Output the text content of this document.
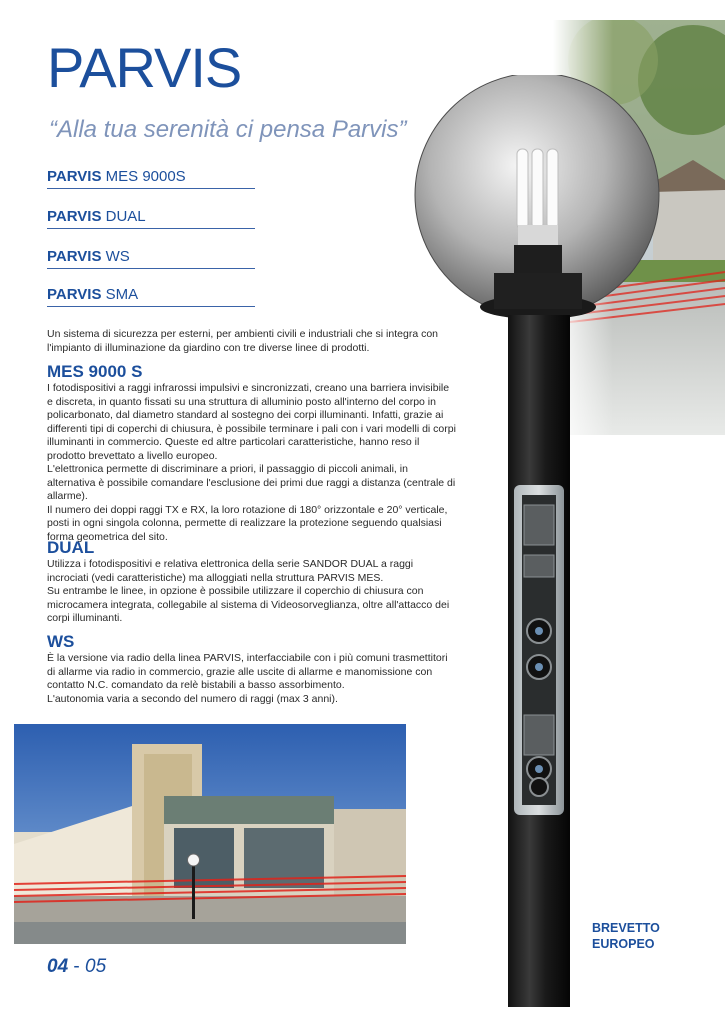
PARVIS
“Alla tua serenità ci pensa Parvis”
PARVIS MES 9000S
PARVIS DUAL
PARVIS WS
PARVIS SMA
Un sistema di sicurezza per esterni, per ambienti civili e industriali che si integra con l'impianto di illuminazione da giardino con tre diverse linee di prodotti.
MES 9000 S

I fotodispositivi a raggi infrarossi impulsivi e sincronizzati, creano una barriera invisibile e discreta, in quanto fissati su una struttura di alluminio posto all'interno del corpo in policarbonato, dal diametro standard al sostegno dei corpi illuminanti. Infatti, grazie ai differenti tipi di coperchi di chiusura, è possibile terminare i pali con i vari modelli di corpi illuminanti in commercio. Queste ed altre particolari caratteristiche, hanno reso il prodotto brevettato a livello europeo.

L'elettronica permette di discriminare a priori, il passaggio di piccoli animali, in alternativa è possibile comandare l'esclusione dei primi due raggi a distanza (centrale di allarme).

Il numero dei doppi raggi TX e RX, la loro rotazione di 180° orizzontale e 20° verticale, posti in ogni singola colonna, permette di realizzare la protezione seguendo qualsiasi forma geometrica del sito.

DUAL

Utilizza i fotodispositivi e relativa elettronica della serie SANDOR DUAL a raggi incrociati (vedi caratteristiche) ma alloggiati nella struttura PARVIS MES.

Su entrambe le linee, in opzione è possibile utilizzare il coperchio di chiusura con microcamera integrata, collegabile al sistema di Videosorveglianza, oltre all'attacco dei corpi illuminanti.

WS

È la versione via radio della linea PARVIS, interfacciabile con i più comuni trasmettitori di allarme via radio in commercio, grazie alle uscite di allarme e manomissione con contatto N.C. comandato da relè bistabili a basso assorbimento.

L'autonomia varia a secondo del numero di raggi (max 3 anni).

BREVETTO
EUROPEO
04 - 05
